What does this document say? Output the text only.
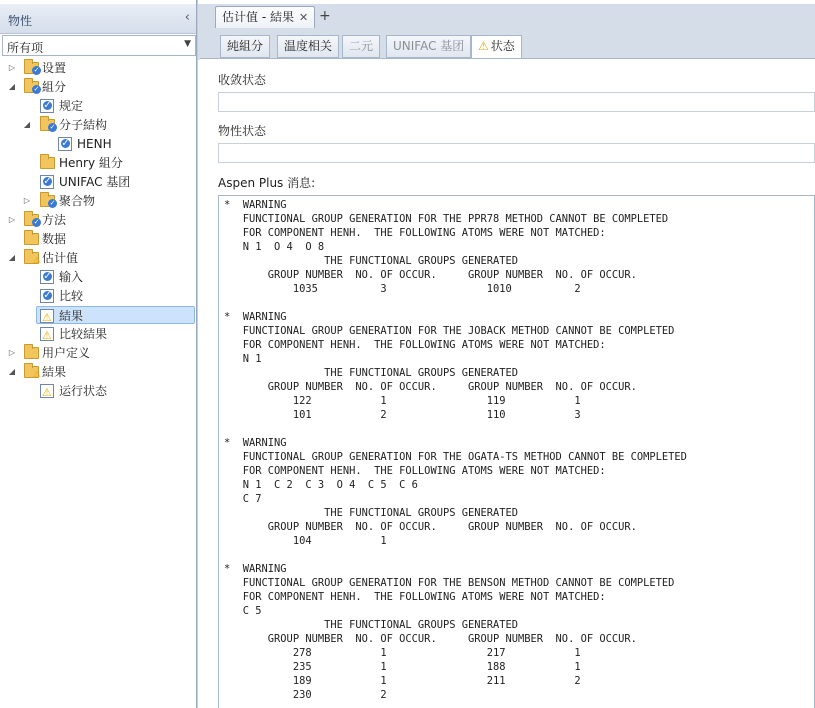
物性	‹
所有项	▼
▷	✓ 设置
◢	✓ 組分
✓
规定
◢	✓ 分子結构
✓
HENH
Henry 組分
✓
UNIFAC 基团
▷	✓ 聚合物
▷	✓ 方法
数据
◢ ⚠ 估计值
✓
输入
✓
比较
⚠
結果
⚠
比较結果
▷ 用户定义
◢ ⚠ 結果
⚠
运行状态
估计值 - 結果 ✕ +
純組分	温度相关	二元	UNIFAC 基团	⚠ 状态
收敛状态
物性状态
Aspen Plus 消息:
*  WARNING
FUNCTIONAL GROUP GENERATION FOR THE PPR78 METHOD CANNOT BE COMPLETED
FOR COMPONENT HENH.  THE FOLLOWING ATOMS WERE NOT MATCHED:
N 1  O 4  O 8
THE FUNCTIONAL GROUPS GENERATED
GROUP NUMBER  NO. OF OCCUR.     GROUP NUMBER  NO. OF OCCUR.
1035          3                1010          2

*  WARNING
FUNCTIONAL GROUP GENERATION FOR THE JOBACK METHOD CANNOT BE COMPLETED
FOR COMPONENT HENH.  THE FOLLOWING ATOMS WERE NOT MATCHED:
N 1
THE FUNCTIONAL GROUPS GENERATED
GROUP NUMBER  NO. OF OCCUR.     GROUP NUMBER  NO. OF OCCUR.
122           1                119           1
101           2                110           3

*  WARNING
FUNCTIONAL GROUP GENERATION FOR THE OGATA-TS METHOD CANNOT BE COMPLETED
FOR COMPONENT HENH.  THE FOLLOWING ATOMS WERE NOT MATCHED:
N 1  C 2  C 3  O 4  C 5  C 6
C 7
THE FUNCTIONAL GROUPS GENERATED
GROUP NUMBER  NO. OF OCCUR.     GROUP NUMBER  NO. OF OCCUR.
104           1

*  WARNING
FUNCTIONAL GROUP GENERATION FOR THE BENSON METHOD CANNOT BE COMPLETED
FOR COMPONENT HENH.  THE FOLLOWING ATOMS WERE NOT MATCHED:
C 5
THE FUNCTIONAL GROUPS GENERATED
GROUP NUMBER  NO. OF OCCUR.     GROUP NUMBER  NO. OF OCCUR.
278           1                217           1
235           1                188           1
189           1                211           2
230           2
